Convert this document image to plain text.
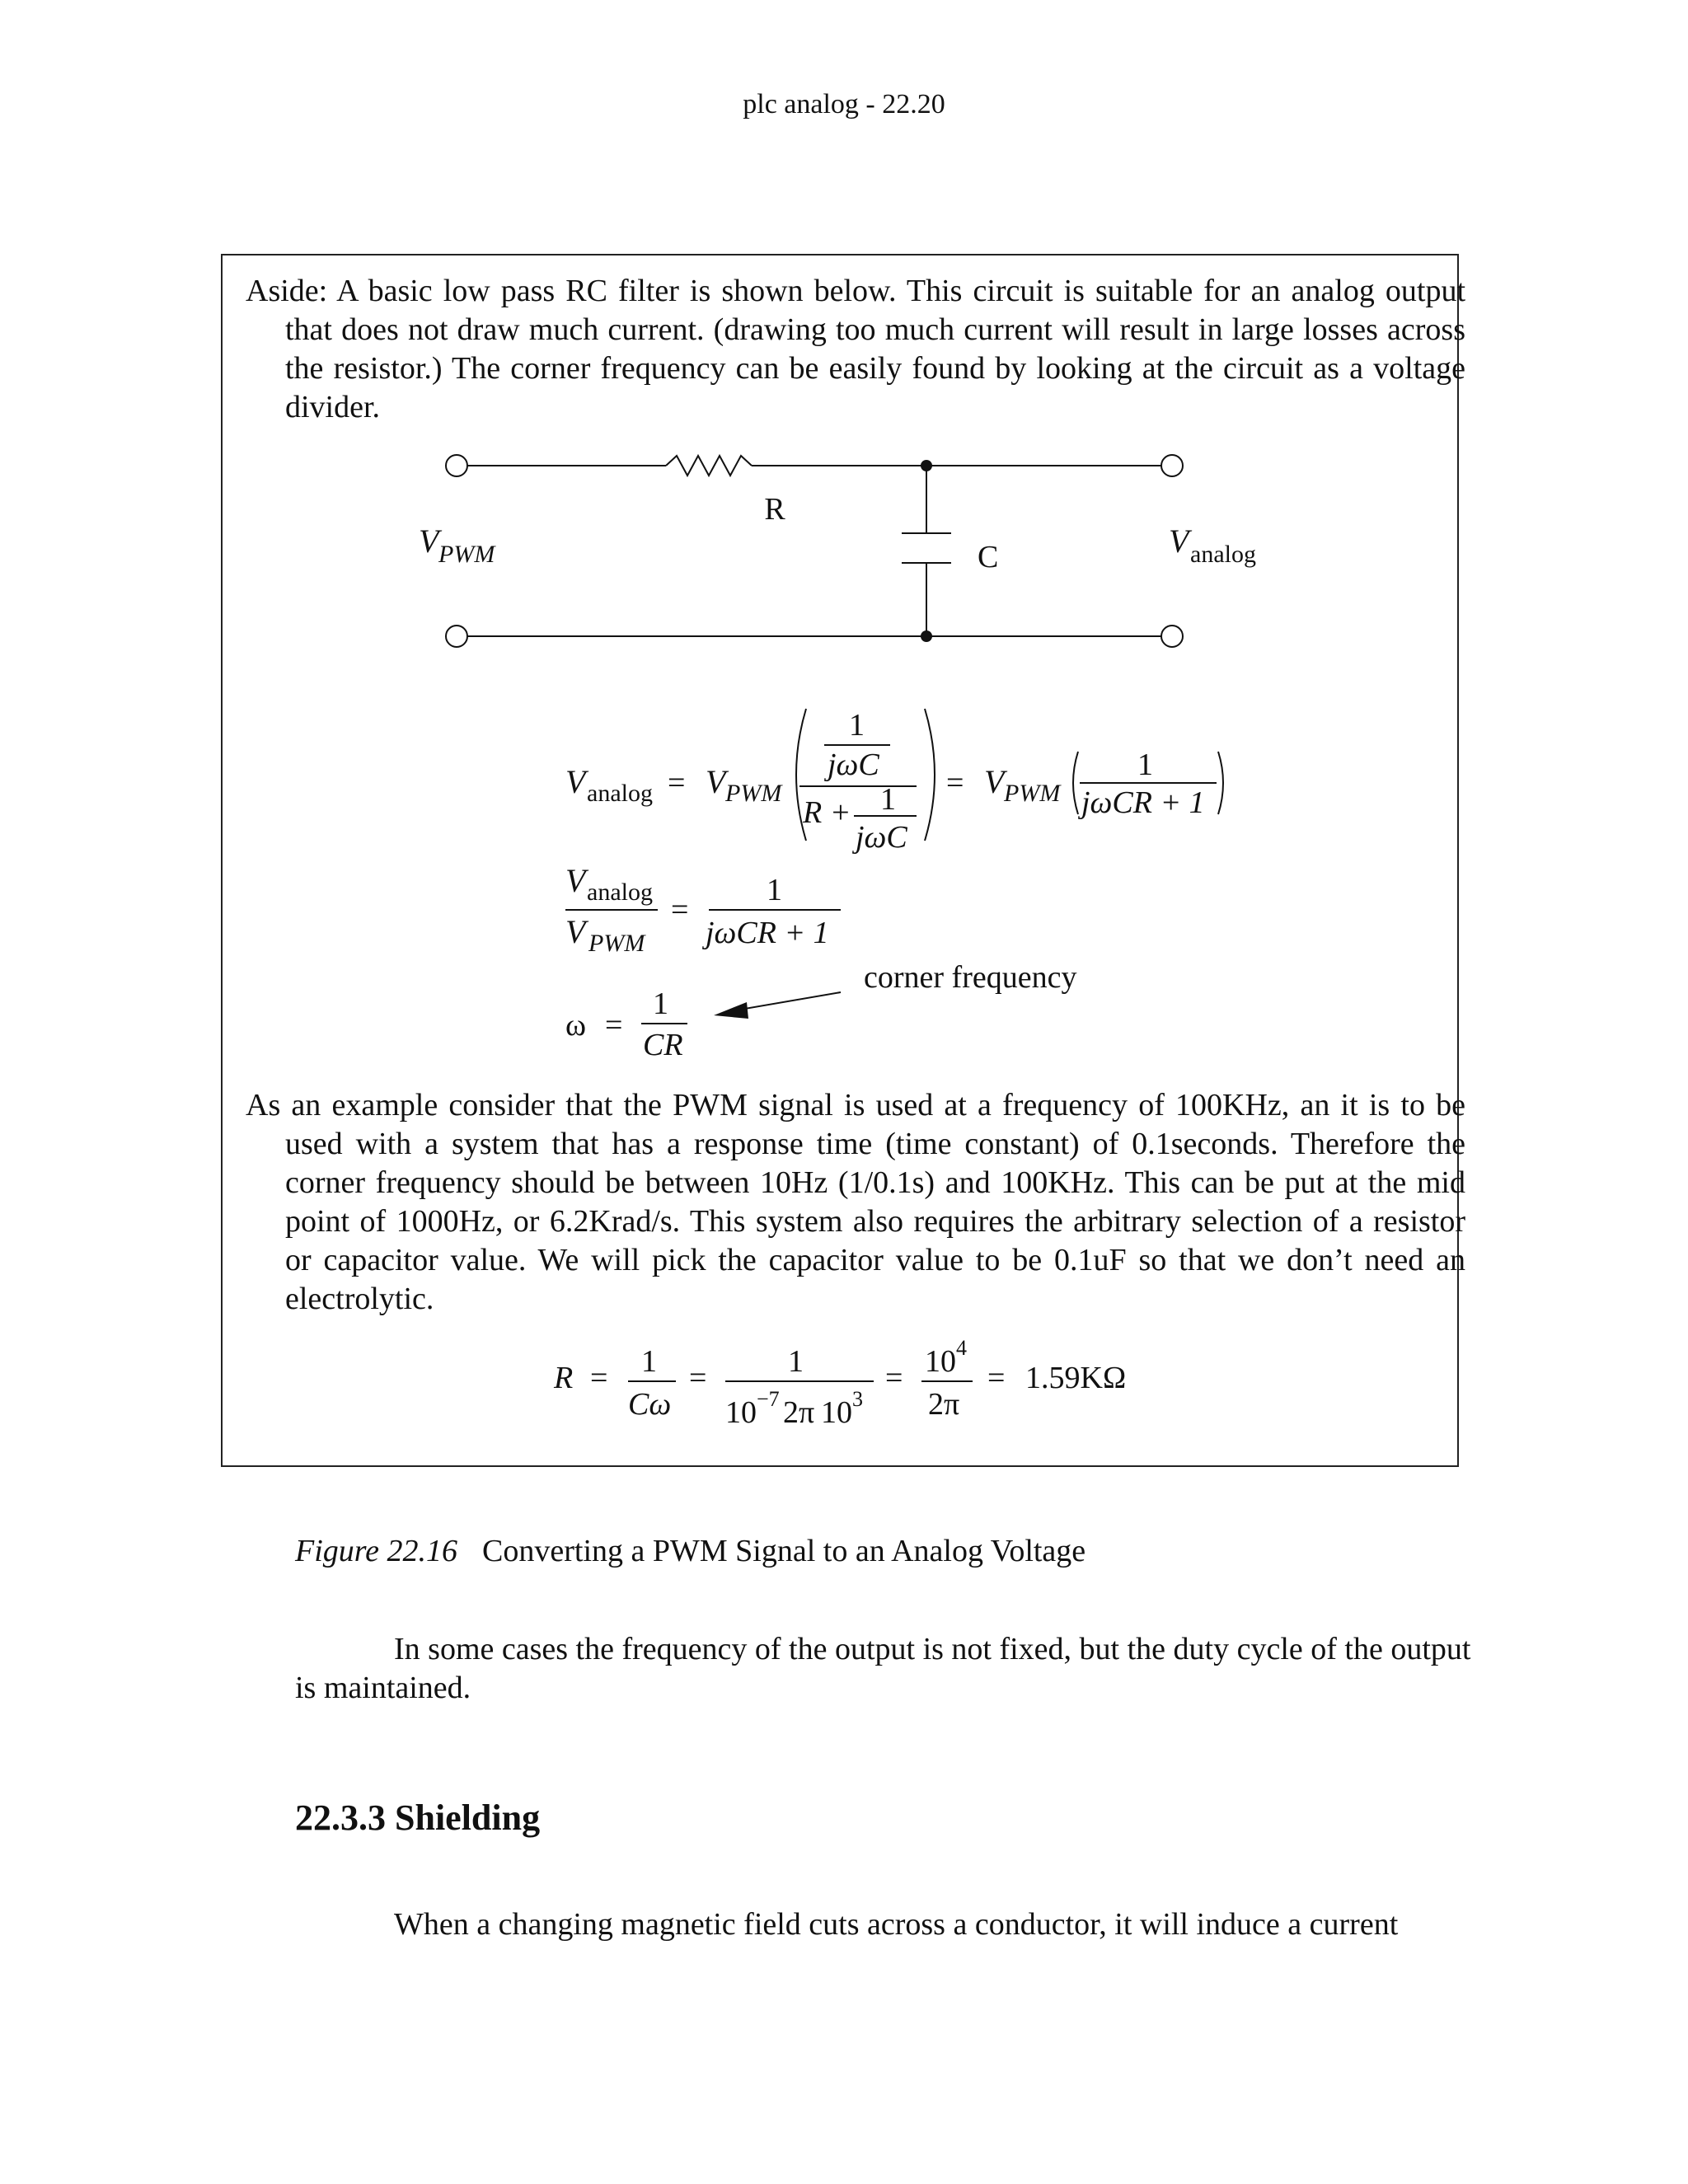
plc analog - 22.20
Aside: A basic low pass RC filter is shown below. This circuit is suitable for an analog output that does not draw much current. (drawing too much current will result in large losses across the resistor.) The corner frequency can be easily found by looking at the circuit as a voltage divider.
R
C
V PWM	V analog
V analog = V PWM
1
jωC
R + 1
jωC
= V PWM
1
jωCR + 1
V analog
V PWM
=
1
jωCR + 1
ω =
1
CR
corner frequency
As an example consider that the PWM signal is used at a frequency of 100KHz, an it is to be used with a system that has a response time (time constant) of 0.1seconds. Therefore the corner frequency should be between 10Hz (1/0.1s) and 100KHz. This can be put at the mid point of 1000Hz, or 6.2Krad/s. This system also requires the arbitrary selection of a resistor or capacitor value. We will pick the capacitor value to be 0.1uF so that we don’t need an electrolytic.
R = 1
Cω
=	1
10 −7 2π 10 3
= 10 4
2π
= 1.59KΩ
Figure 22.16 Converting a PWM Signal to an Analog Voltage
In some cases the frequency of the output is not fixed, but the duty cycle of the output is maintained.
22.3.3 Shielding
When a changing magnetic field cuts across a conductor, it will induce a current
